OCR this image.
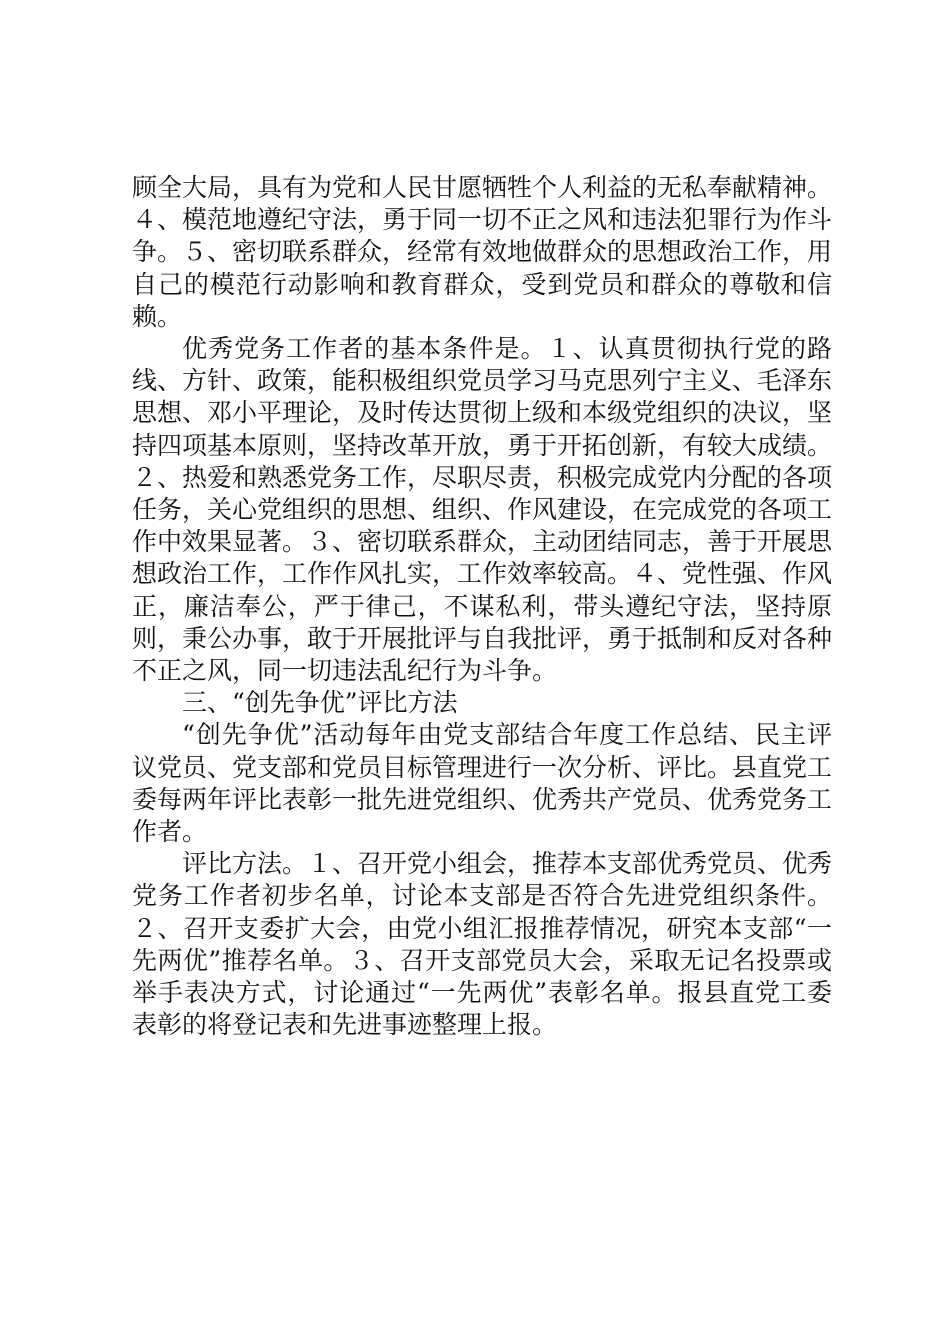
顾全大局，具有为党和人民甘愿牺牲个人利益的无私奉献精神。４、模范地遵纪守法，勇于同一切不正之风和违法犯罪行为作斗争。５、密切联系群众，经常有效地做群众的思想政治工作，用自己的模范行动影响和教育群众，受到党员和群众的尊敬和信赖。

优秀党务工作者的基本条件是。１、认真贯彻执行党的路线、方针、政策，能积极组织党员学习马克思列宁主义、毛泽东思想、邓小平理论，及时传达贯彻上级和本级党组织的决议，坚持四项基本原则，坚持改革开放，勇于开拓创新，有较大成绩。２、热爱和熟悉党务工作，尽职尽责，积极完成党内分配的各项任务，关心党组织的思想、组织、作风建设，在完成党的各项工作中效果显著。３、密切联系群众，主动团结同志，善于开展思想政治工作，工作作风扎实，工作效率较高。４、党性强、作风正，廉洁奉公，严于律己，不谋私利，带头遵纪守法，坚持原则，秉公办事，敢于开展批评与自我批评，勇于抵制和反对各种不正之风，同一切违法乱纪行为斗争。

三、“创先争优”评比方法

“创先争优”活动每年由党支部结合年度工作总结、民主评议党员、党支部和党员目标管理进行一次分析、评比。县直党工委每两年评比表彰一批先进党组织、优秀共产党员、优秀党务工作者。

评比方法。１、召开党小组会，推荐本支部优秀党员、优秀党务工作者初步名单，讨论本支部是否符合先进党组织条件。２、召开支委扩大会，由党小组汇报推荐情况，研究本支部“一先两优”推荐名单。３、召开支部党员大会，采取无记名投票或举手表决方式，讨论通过“一先两优”表彰名单。报县直党工委表彰的将登记表和先进事迹整理上报。
